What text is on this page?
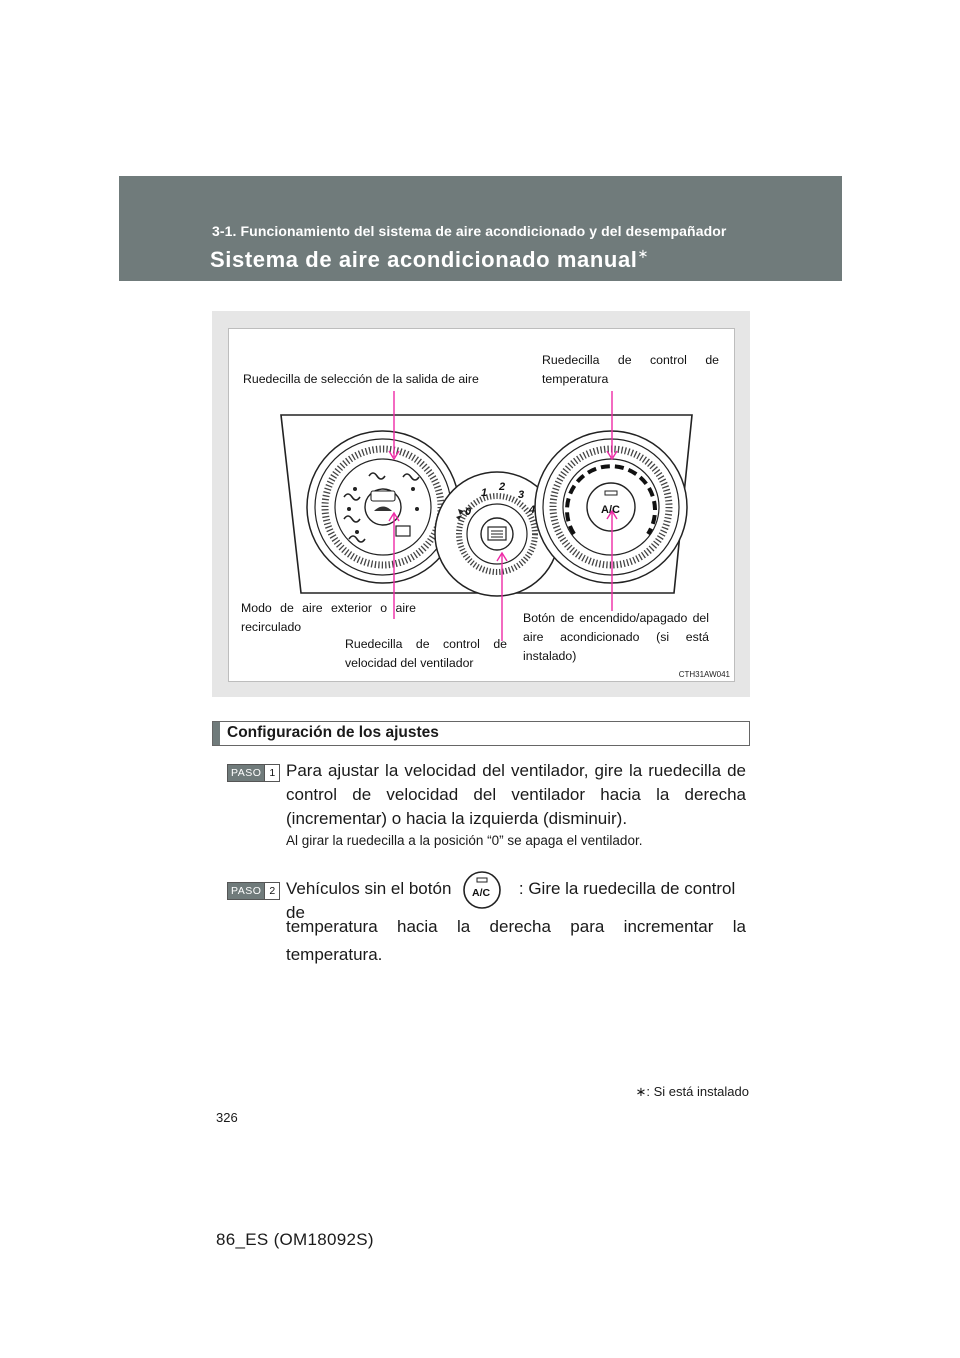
3-1. Funcionamiento del sistema de aire acondicionado y del desempañador
Sistema de aire acondicionado manual∗
0
1 2
3
4	A/C
Ruedecilla de selección de la salida de aire
Ruedecilla de control de temperatura
Modo de aire exterior o aire recirculado
Ruedecilla de control de velocidad del ventilador
Botón de encendido/apagado del aire acondicionado (si está instalado)
CTH31AW041
Configuración de los ajustes
PASO 1 Para ajustar la velocidad del ventilador, gire la ruedecilla de control de velocidad del ventilador hacia la derecha (incrementar) o hacia la izquierda (disminuir).
Al girar la ruedecilla a la posición “0” se apaga el ventilador.
PASO 2 Vehículos sin el botón	: Gire la ruedecilla de control de
A/C
temperatura hacia la derecha para incrementar la temperatura.
∗: Si está instalado
326
86_ES (OM18092S)
